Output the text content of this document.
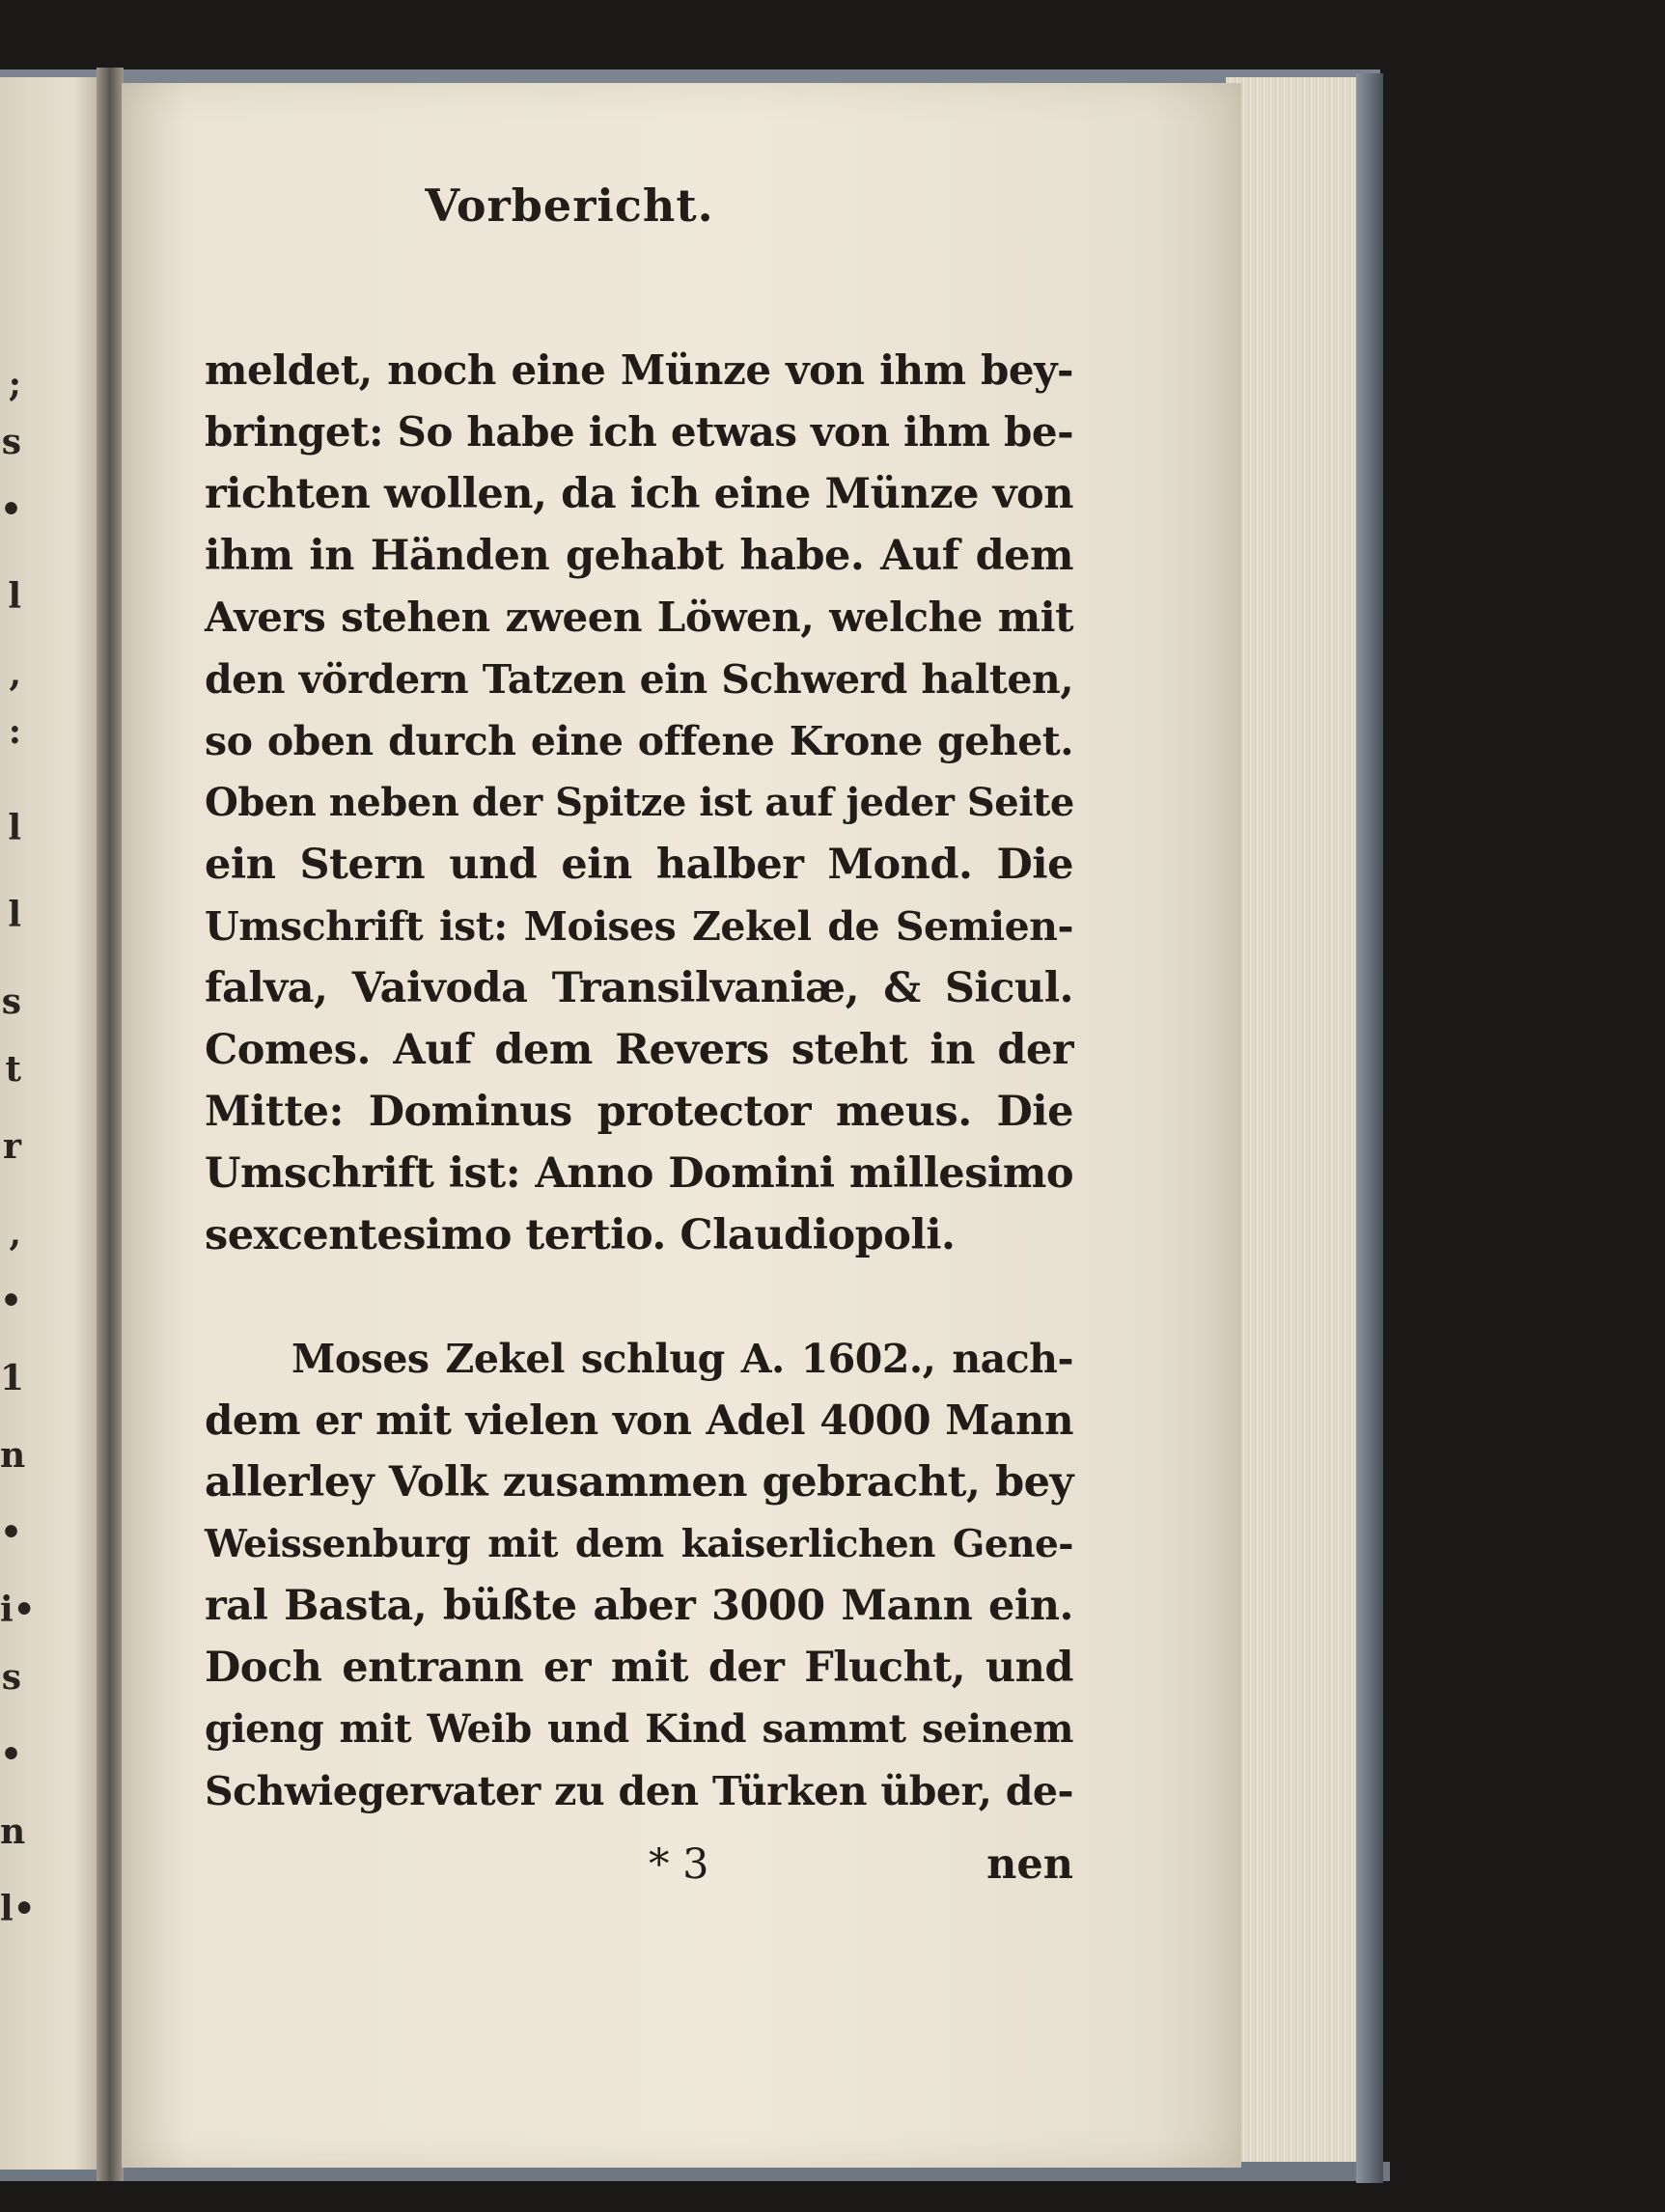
;
s
•
l
,
:
l
l
s
t
r
,
•
1
n
•
i•
s
•
n
l•
Vorbericht.
meldet, noch eine Münze von ihm bey-
bringet: So habe ich etwas von ihm be-
richten wollen, da ich eine Münze von
ihm in Händen gehabt habe. Auf dem
Avers stehen zween Löwen, welche mit
den vördern Tatzen ein Schwerd halten,
so oben durch eine offene Krone gehet.
Oben neben der Spitze ist auf jeder Seite
ein Stern und ein halber Mond. Die
Umschrift ist: Moises Zekel de Semien-
falva, Vaivoda Transilvaniæ, & Sicul.
Comes. Auf dem Revers steht in der
Mitte: Dominus protector meus. Die
Umschrift ist: Anno Domini millesimo
sexcentesimo tertio. Claudiopoli.
Moses Zekel schlug A. 1602., nach-
dem er mit vielen von Adel 4000 Mann
allerley Volk zusammen gebracht, bey
Weissenburg mit dem kaiserlichen Gene-
ral Basta, büßte aber 3000 Mann ein.
Doch entrann er mit der Flucht, und
gieng mit Weib und Kind sammt seinem
Schwiegervater zu den Türken über, de-
* 3	nen
